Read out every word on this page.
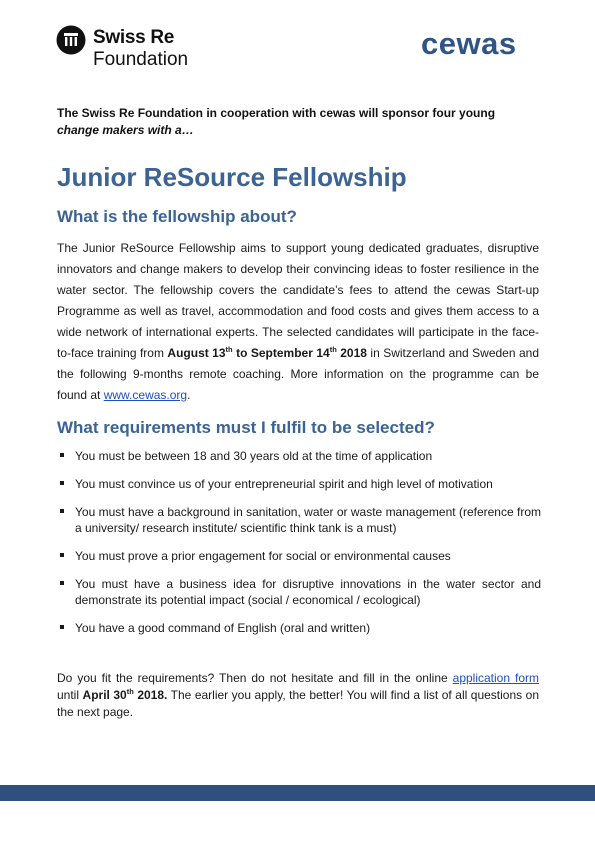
Swiss Re
Foundation	cewas
The Swiss Re Foundation in cooperation with cewas will sponsor four young
change makers with a…
Junior ReSource Fellowship
What is the fellowship about?
The Junior ReSource Fellowship aims to support young dedicated graduates, disruptive innovators and change makers to develop their convincing ideas to foster resilience in the water sector. The fellowship covers the candidate’s fees to attend the cewas Start-up Programme as well as travel, accommodation and food costs and gives them access to a wide network of international experts. The selected candidates will participate in the face-to-face training from August 13th to September 14th 2018 in Switzerland and Sweden and the following 9-months remote coaching. More information on the programme can be found at www.cewas.org.
What requirements must I fulfil to be selected?
You must be between 18 and 30 years old at the time of application
You must convince us of your entrepreneurial spirit and high level of motivation
You must have a background in sanitation, water or waste management (reference from a university/ research institute/ scientific think tank is a must)
You must prove a prior engagement for social or environmental causes
You must have a business idea for disruptive innovations in the water sector and demonstrate its potential impact (social / economical / ecological)
You have a good command of English (oral and written)
Do you fit the requirements? Then do not hesitate and fill in the online application form until April 30th 2018. The earlier you apply, the better! You will find a list of all questions on the next page.
